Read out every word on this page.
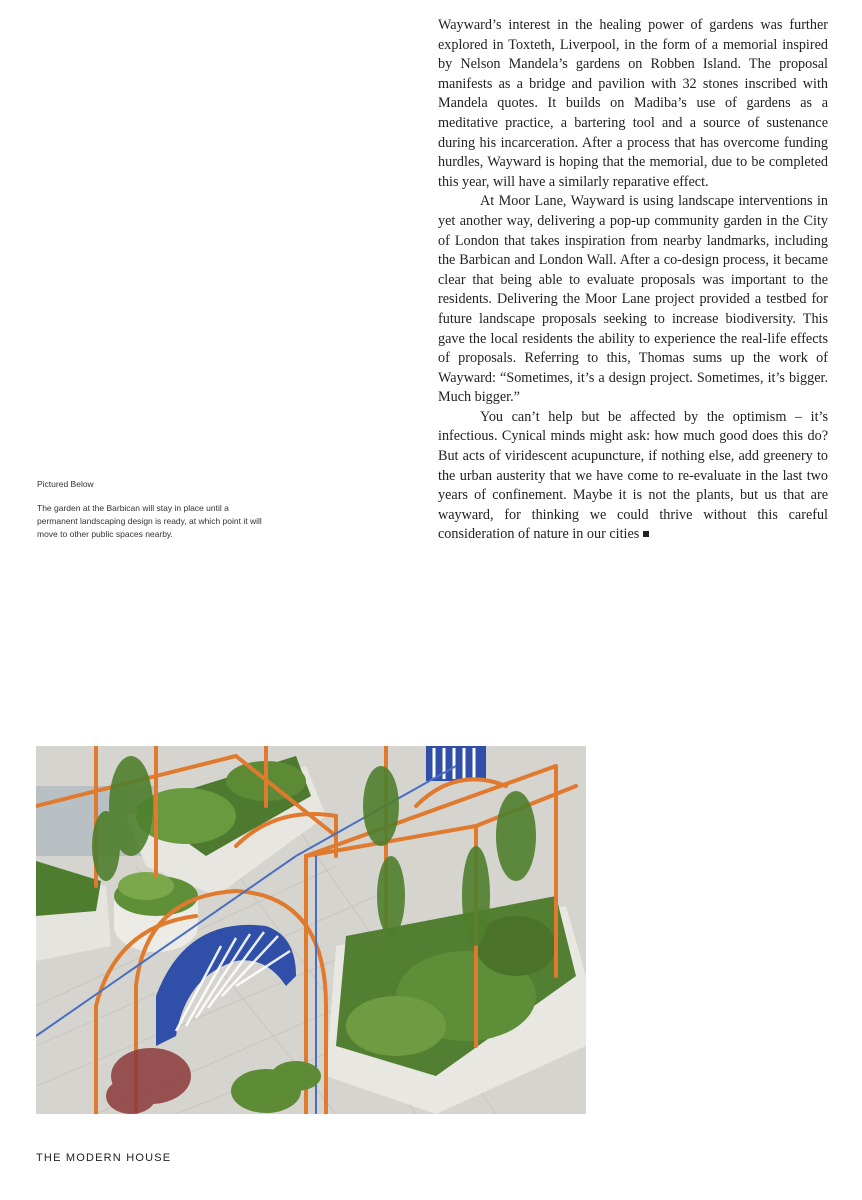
Wayward’s interest in the healing power of gardens was further explored in Toxteth, Liverpool, in the form of a memorial inspired by Nelson Mandela’s gardens on Robben Island. The proposal manifests as a bridge and pavilion with 32 stones inscribed with Mandela quotes. It builds on Madiba’s use of gardens as a meditative practice, a bartering tool and a source of sustenance during his incarceration. After a process that has overcome funding hurdles, Wayward is hoping that the memorial, due to be completed this year, will have a similarly reparative effect.

At Moor Lane, Wayward is using landscape interventions in yet another way, delivering a pop-up community garden in the City of London that takes inspiration from nearby landmarks, including the Barbican and London Wall. After a co-design process, it became clear that being able to evaluate proposals was important to the residents. Delivering the Moor Lane project provided a testbed for future landscape proposals seeking to increase biodiversity. This gave the local residents the ability to experience the real-life effects of proposals. Referring to this, Thomas sums up the work of Wayward: “Sometimes, it’s a design project. Sometimes, it’s bigger. Much bigger.”

You can’t help but be affected by the optimism – it’s infectious. Cynical minds might ask: how much good does this do? But acts of viridescent acupuncture, if nothing else, add greenery to the urban austerity that we have come to re-evaluate in the last two years of confinement. Maybe it is not the plants, but us that are wayward, for thinking we could thrive without this careful consideration of nature in our cities

Pictured Below

The garden at the Barbican will stay in place until a permanent landscaping design is ready, at which point it will move to other public spaces nearby.

THE MODERN HOUSE
